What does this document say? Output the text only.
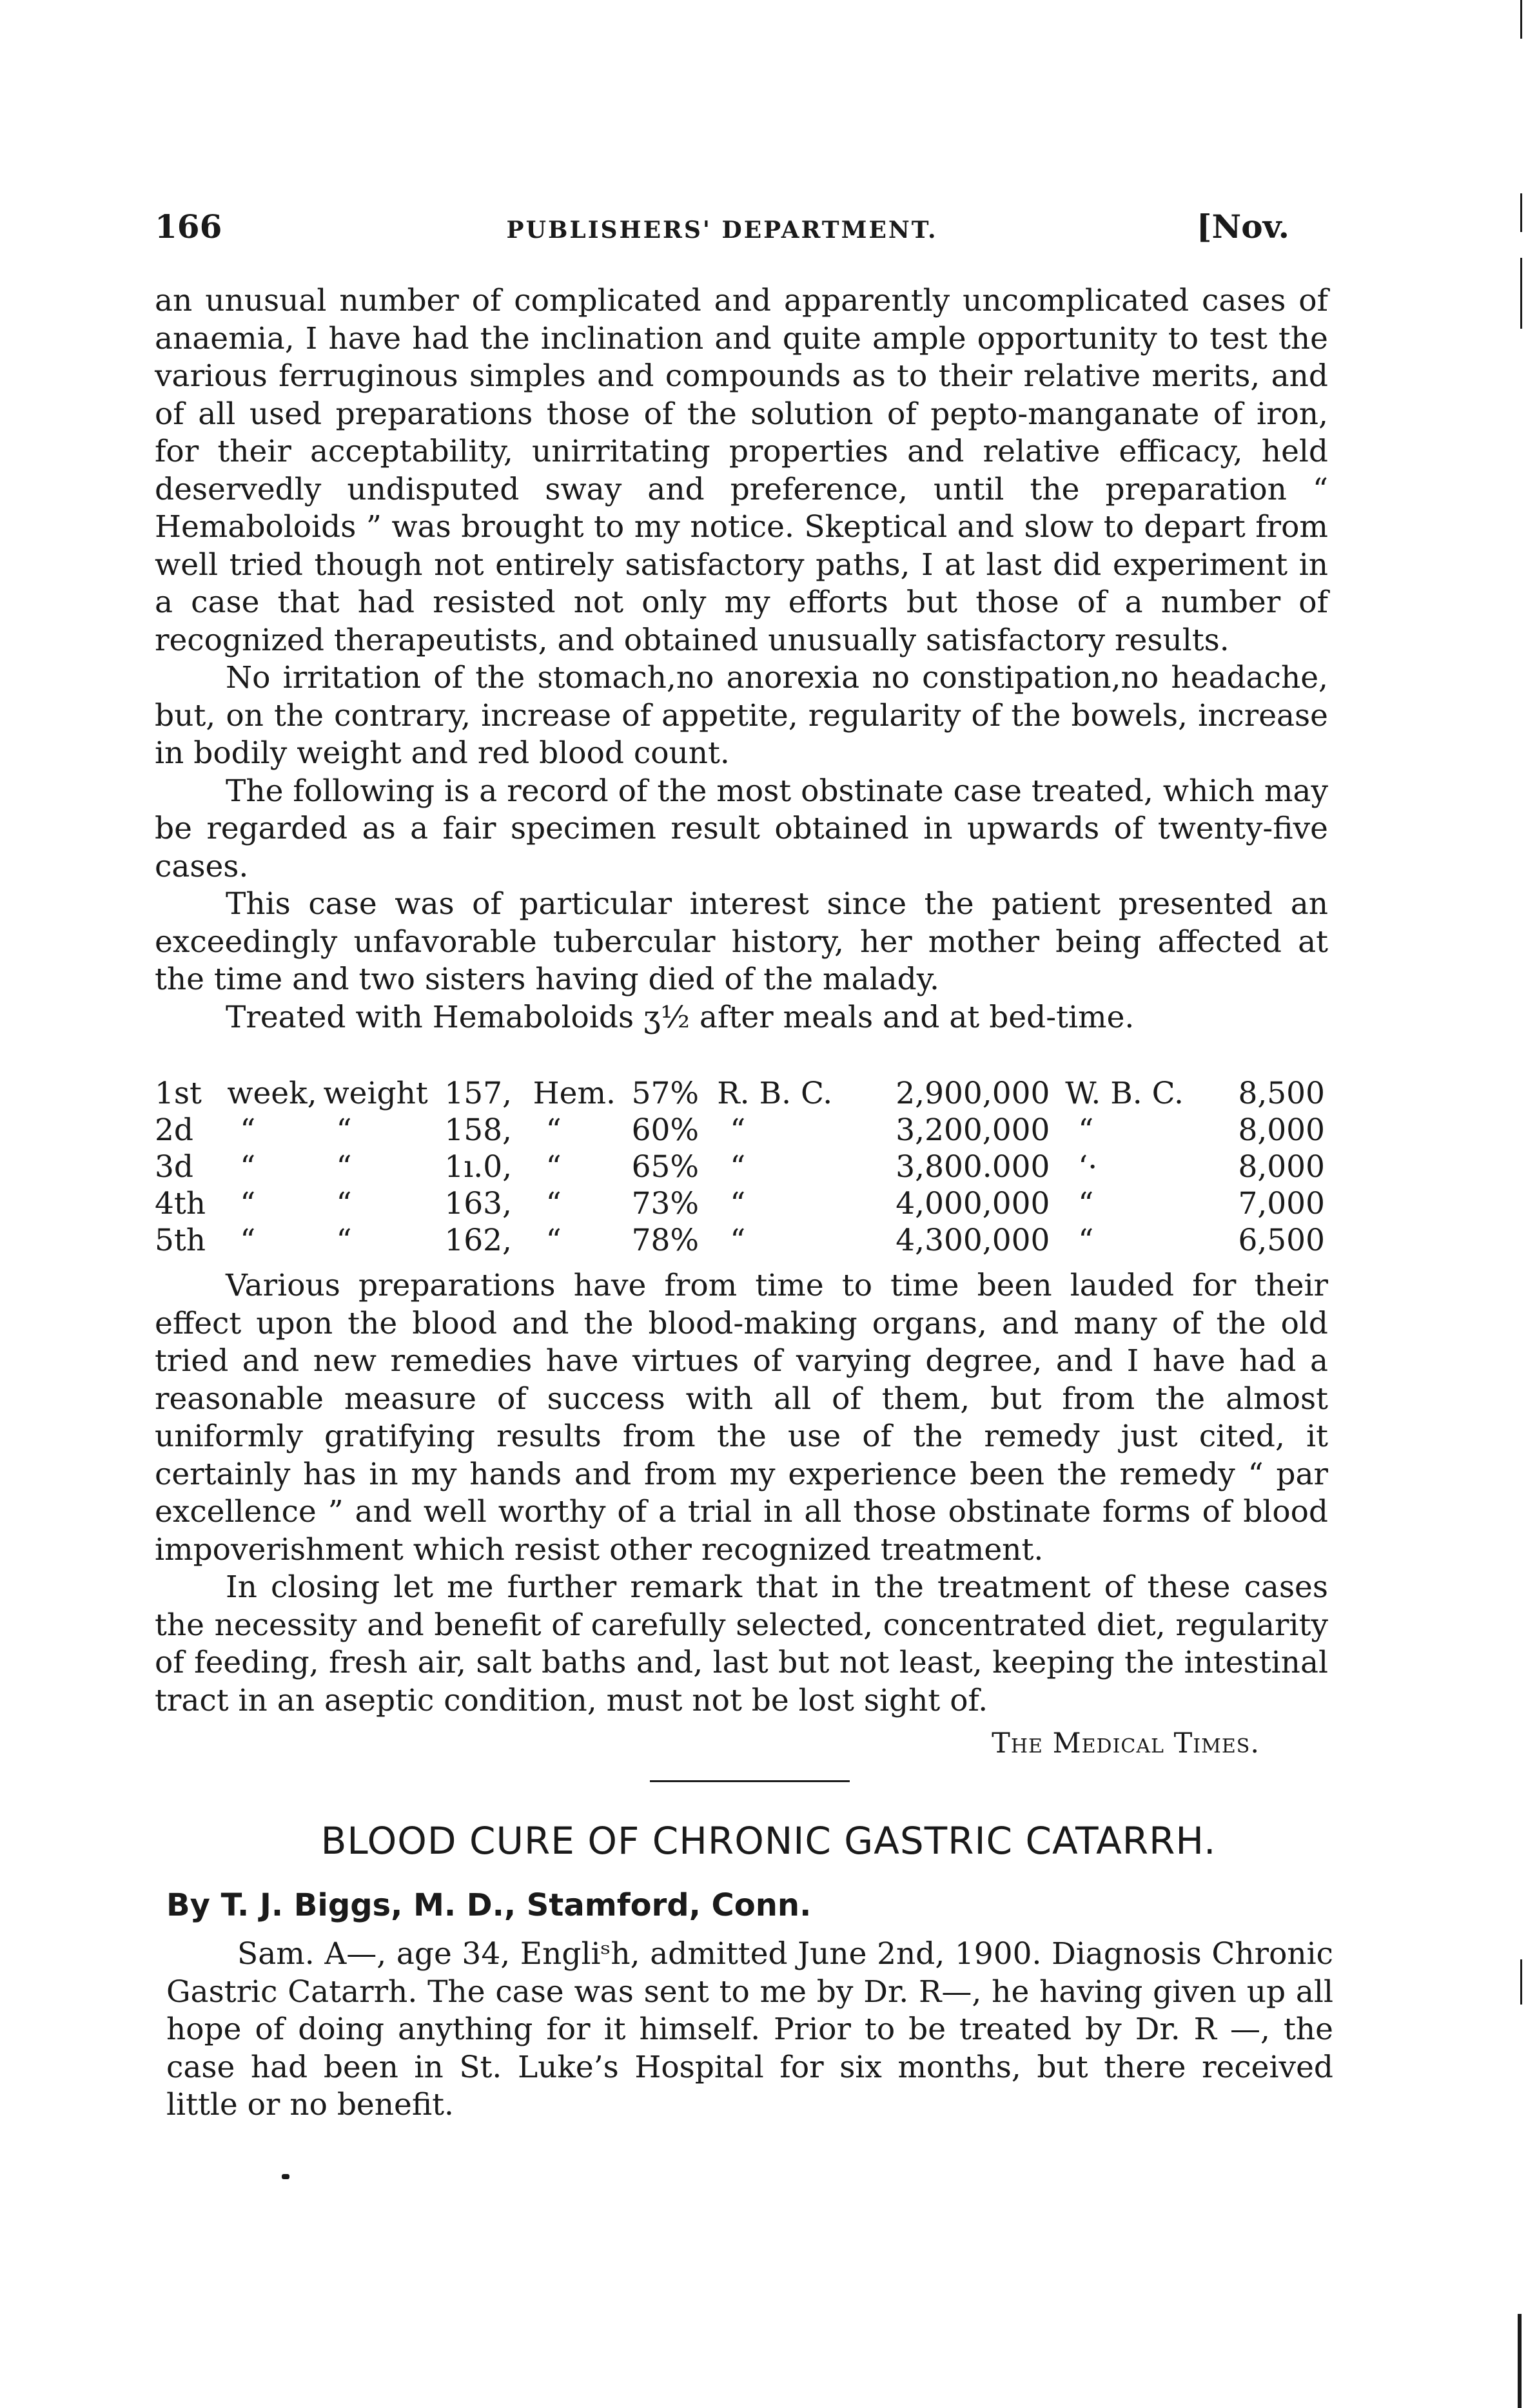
166	PUBLISHERS' DEPARTMENT.	[Nov.

an unusual number of complicated and apparently uncomplicated cases of anaemia, I have had the inclination and quite ample opportunity to test the various ferruginous simples and compounds as to their relative merits, and of all used preparations those of the solution of pepto-manganate of iron, for their acceptability, unirritating properties and relative efficacy, held deservedly undisputed sway and preference, until the preparation “ Hemaboloids ” was brought to my notice. Skeptical and slow to depart from well tried though not entirely satisfactory paths, I at last did experiment in a case that had resisted not only my efforts but those of a number of recognized therapeutists, and obtained unusually satisfactory results.

No irritation of the stomach,no anorexia no constipation,no headache, but, on the contrary, increase of appetite, regularity of the bowels, increase in bodily weight and red blood count.

The following is a record of the most obstinate case treated, which may be regarded as a fair specimen result obtained in upwards of twenty-five cases.

This case was of particular interest since the patient presented an exceedingly unfavorable tubercular history, her mother being affected at the time and two sisters having died of the malady.

Treated with Hemaboloids ʒ½ after meals and at bed-time.

1st	week,	weight	157,	Hem.	57%	R. B. C.	2,900,000	W. B. C.	8,500
2d	“	“	158,	“	60%	“	3,200,000	“	8,000
3d	“	“	1ı.0,	“	65%	“	3,800.000	‘·	8,000
4th	“	“	163,	“	73%	“	4,000,000	“	7,000
5th	“	“	162,	“	78%	“	4,300,000	“	6,500

Various preparations have from time to time been lauded for their effect upon the blood and the blood-making organs, and many of the old tried and new remedies have virtues of varying degree, and I have had a reasonable measure of success with all of them, but from the almost uniformly gratifying results from the use of the remedy just cited, it certainly has in my hands and from my experience been the remedy “ par excellence ” and well worthy of a trial in all those obstinate forms of blood impoverishment which resist other recognized treatment.

In closing let me further remark that in the treatment of these cases the necessity and benefit of carefully selected, concentrated diet, regularity of feeding, fresh air, salt baths and, last but not least, keeping the intestinal tract in an aseptic condition, must not be lost sight of.

The Medical Times.
BLOOD CURE OF CHRONIC GASTRIC CATARRH.
By T. J. Biggs, M. D., Stamford, Conn.

Sam. A—, age 34, Engliˢh, admitted June 2nd, 1900. Diagnosis Chronic Gastric Catarrh. The case was sent to me by Dr. R—, he having given up all hope of doing anything for it himself. Prior to be treated by Dr. R —, the case had been in St. Luke’s Hospital for six months, but there received little or no benefit.
